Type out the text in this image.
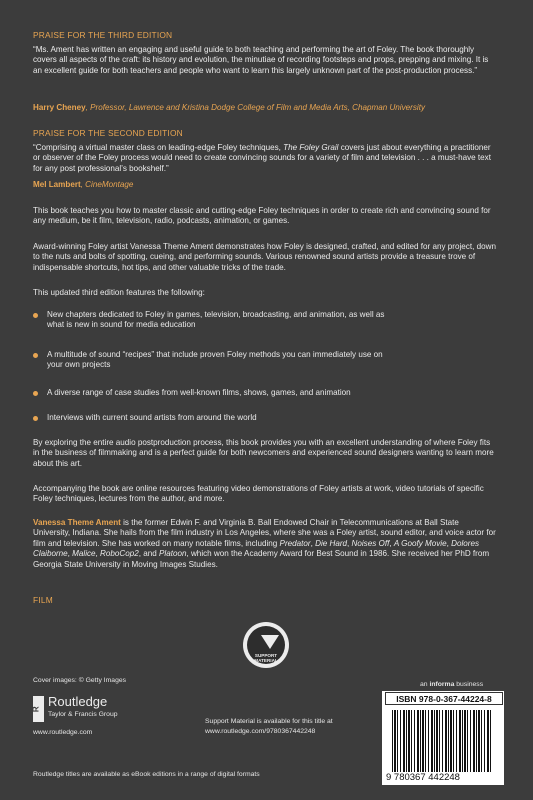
PRAISE FOR THE THIRD EDITION
“Ms. Ament has written an engaging and useful guide to both teaching and performing the art of Foley. The book thoroughly covers all aspects of the craft: its history and evolution, the minutiae of recording footsteps and props, prepping and mixing. It is an excellent guide for both teachers and people who want to learn this largely unknown part of the post-production process.”
Harry Cheney, Professor, Lawrence and Kristina Dodge College of Film and Media Arts, Chapman University
PRAISE FOR THE SECOND EDITION
“Comprising a virtual master class on leading-edge Foley techniques, The Foley Grail covers just about everything a practitioner or observer of the Foley process would need to create convincing sounds for a variety of film and television . . . a must-have text for any post professional’s bookshelf.”
Mel Lambert, CineMontage
This book teaches you how to master classic and cutting-edge Foley techniques in order to create rich and convincing sound for any medium, be it film, television, radio, podcasts, animation, or games.
Award-winning Foley artist Vanessa Theme Ament demonstrates how Foley is designed, crafted, and edited for any project, down to the nuts and bolts of spotting, cueing, and performing sounds. Various renowned sound artists provide a treasure trove of indispensable shortcuts, hot tips, and other valuable tricks of the trade.
This updated third edition features the following:
New chapters dedicated to Foley in games, television, broadcasting, and animation, as well as what is new in sound for media education
A multitude of sound “recipes” that include proven Foley methods you can immediately use on your own projects
A diverse range of case studies from well-known films, shows, games, and animation
Interviews with current sound artists from around the world
By exploring the entire audio postproduction process, this book provides you with an excellent understanding of where Foley fits in the business of filmmaking and is a perfect guide for both newcomers and experienced sound designers wanting to learn more about this art.
Accompanying the book are online resources featuring video demonstrations of Foley artists at work, video tutorials of specific Foley techniques, lectures from the author, and more.
Vanessa Theme Ament is the former Edwin F. and Virginia B. Ball Endowed Chair in Telecommunications at Ball State University, Indiana. She hails from the film industry in Los Angeles, where she was a Foley artist, sound editor, and voice actor for film and television. She has worked on many notable films, including Predator, Die Hard, Noises Off, A Goofy Movie, Dolores Claiborne, Malice, RoboCop2, and Platoon, which won the Academy Award for Best Sound in 1986. She received her PhD from Georgia State University in Moving Images Studies.
FILM
Cover images: © Getty Images
R
Routledge
Taylor & Francis Group
www.routledge.com
SUPPORT MATERIAL
Support Material is available for this title at
www.routledge.com/9780367442248
an informa business
ISBN 978-0-367-44224-8
9 780367 442248
Routledge titles are available as eBook editions in a range of digital formats
